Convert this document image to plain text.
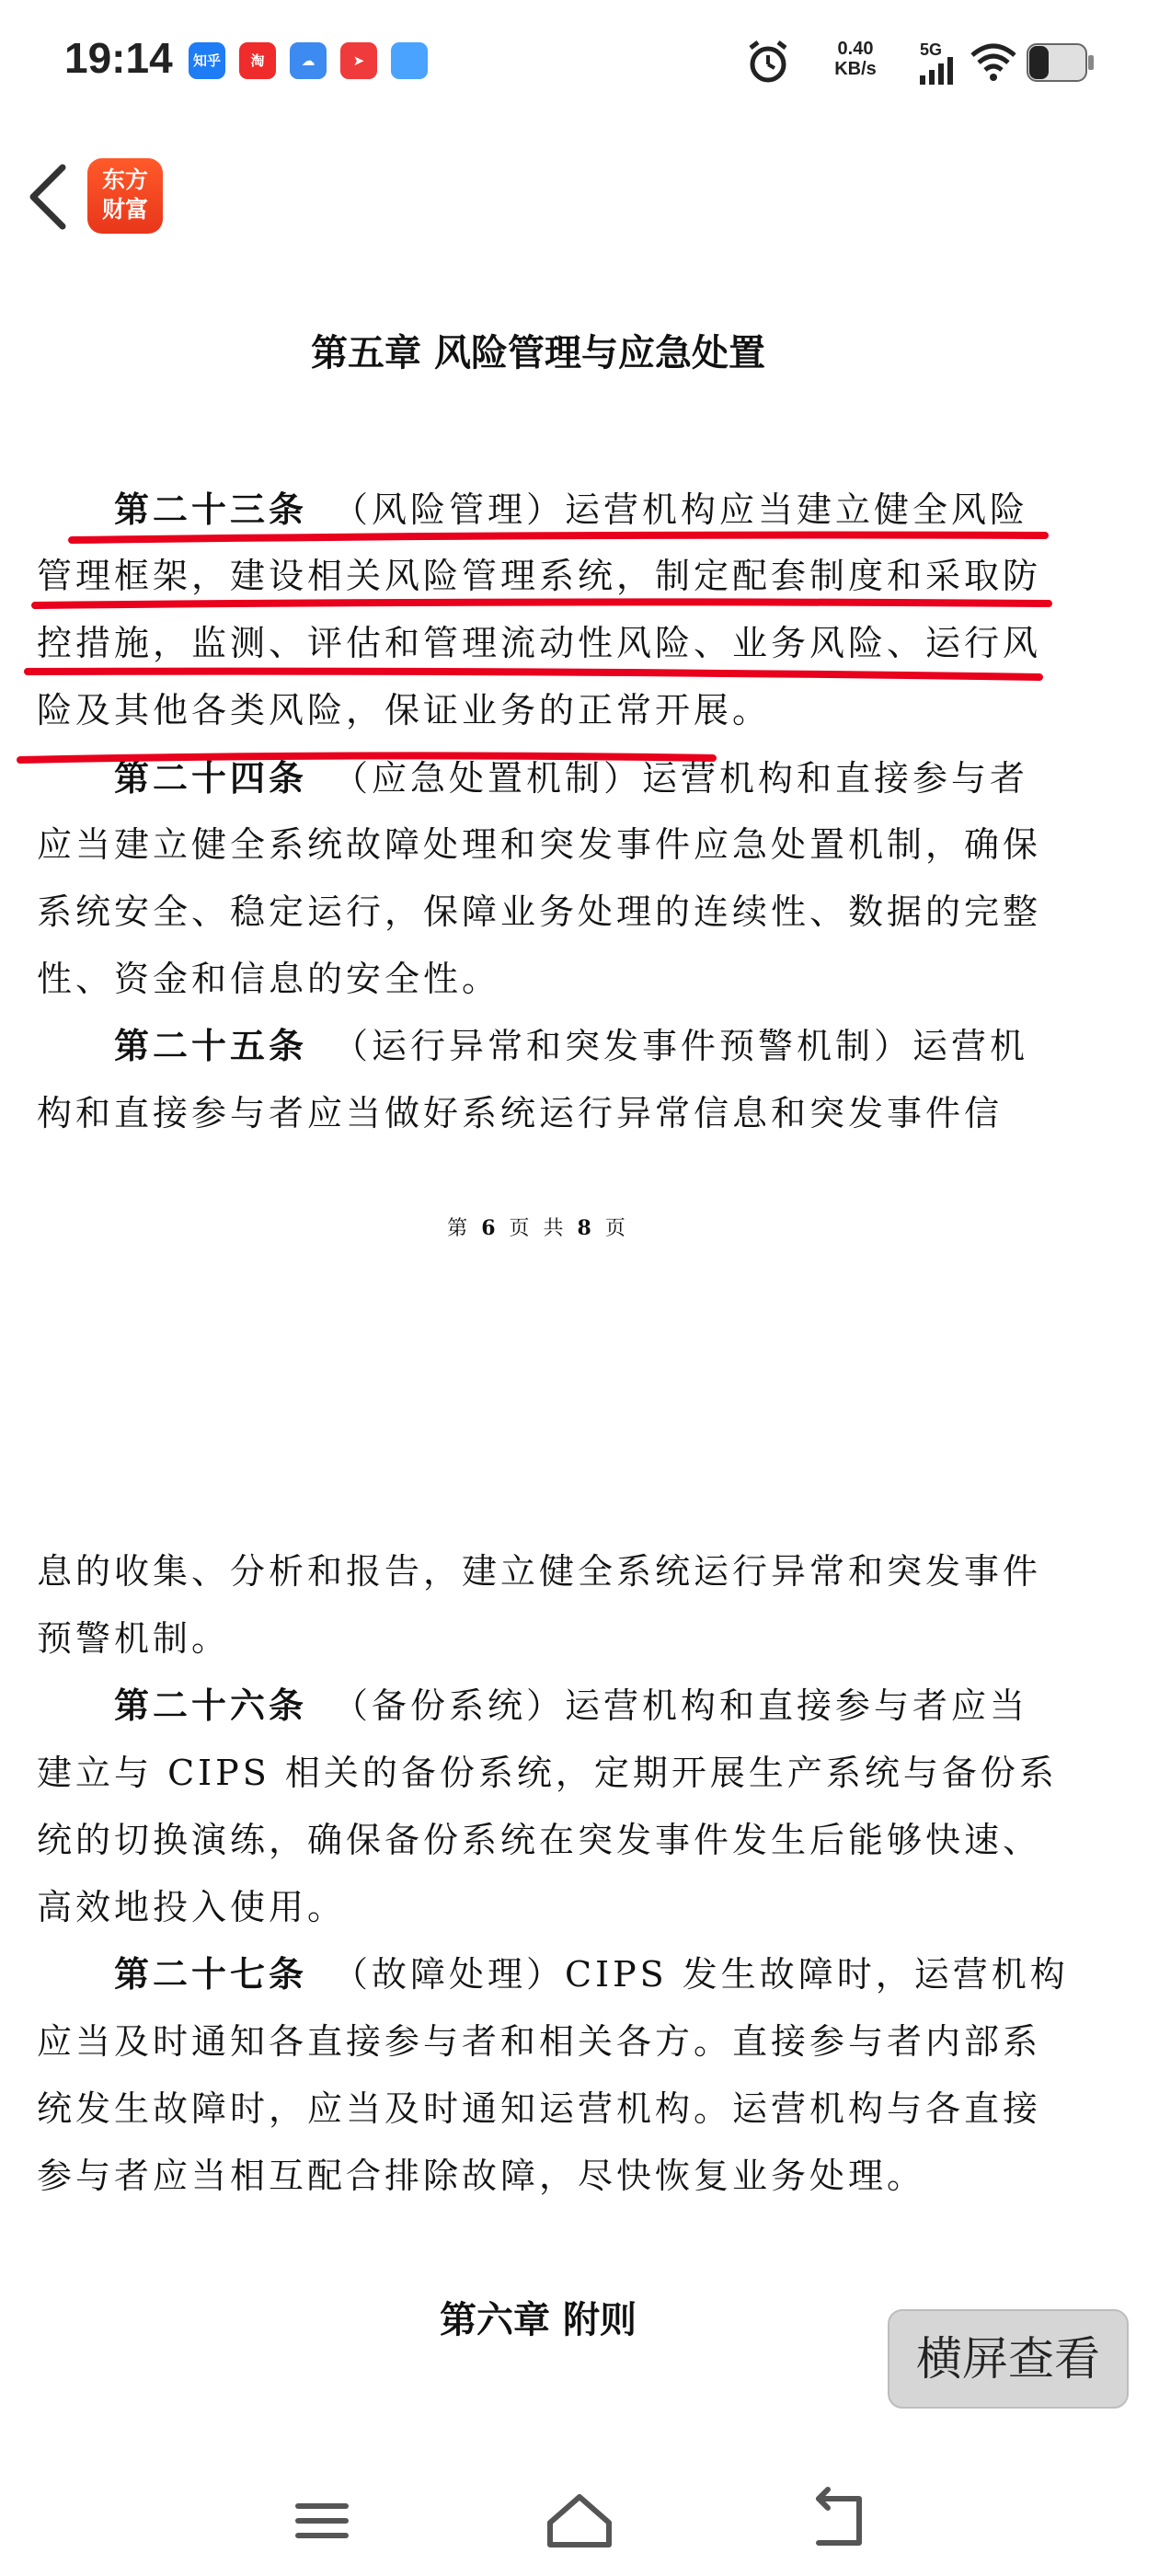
19:14	知乎	淘	☁	➤
0.40
KB/s
5G
东方
财富
第五章 风险管理与应急处置
第二十三条 （风险管理）运营机构应当建立健全风险
管理框架，建设相关风险管理系统，制定配套制度和采取防
控措施，监测、评估和管理流动性风险、业务风险、运行风
险及其他各类风险，保证业务的正常开展。
第二十四条 （应急处置机制）运营机构和直接参与者
应当建立健全系统故障处理和突发事件应急处置机制，确保
系统安全、稳定运行，保障业务处理的连续性、数据的完整
性、资金和信息的安全性。
第二十五条 （运行异常和突发事件预警机制）运营机
构和直接参与者应当做好系统运行异常信息和突发事件信
第 6 页 共 8 页
息的收集、分析和报告，建立健全系统运行异常和突发事件
预警机制。
第二十六条 （备份系统）运营机构和直接参与者应当
建立与 CIPS 相关的备份系统，定期开展生产系统与备份系
统的切换演练，确保备份系统在突发事件发生后能够快速、
高效地投入使用。
第二十七条 （故障处理）CIPS 发生故障时，运营机构
应当及时通知各直接参与者和相关各方。直接参与者内部系
统发生故障时，应当及时通知运营机构。运营机构与各直接
参与者应当相互配合排除故障，尽快恢复业务处理。
第六章 附则
横屏查看
